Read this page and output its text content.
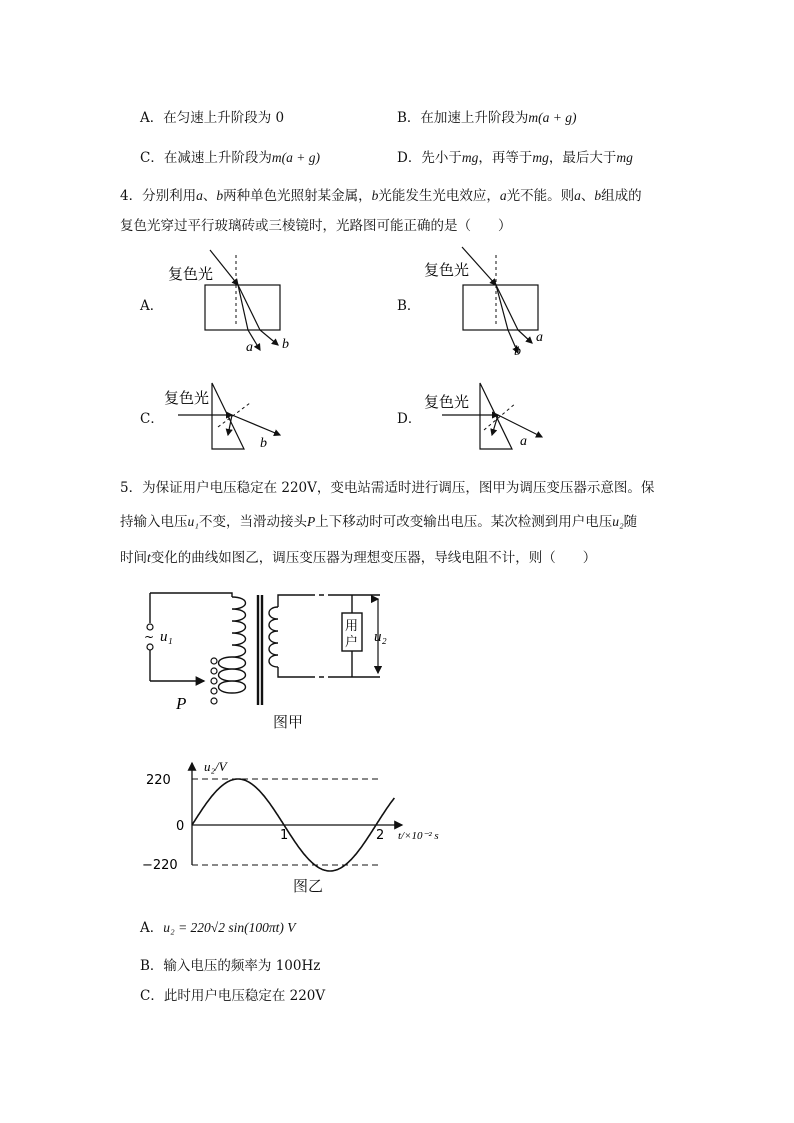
A．在匀速上升阶段为 0	B．在加速上升阶段为m(a + g)
C．在减速上升阶段为m(a + g)	D．先小于mg，再等于mg，最后大于mg
4．分别利用a、b两种单色光照射某金属，b光能发生光电效应，a光不能。则a、b组成的
复色光穿过平行玻璃砖或三棱镜时，光路图可能正确的是（　　）
A．
复色光
a b
B．
复色光
b
a
C．
复色光
b
D．
复色光
a
5．为保证用户电压稳定在 220V，变电站需适时进行调压，图甲为调压变压器示意图。保
持输入电压u₁不变，当滑动接头P上下移动时可改变输出电压。某次检测到用户电压u₂随
时间t变化的曲线如图乙，调压变压器为理想变压器，导线电阻不计，则（　　）
~ u₁
P
用
户 u₂
图甲
u₂/V
t/×10⁻² s
220
0
−220
1	2
图乙
A．u₂ = 220√2 sin(100πt) V
B．输入电压的频率为 100Hz
C．此时用户电压稳定在 220V
